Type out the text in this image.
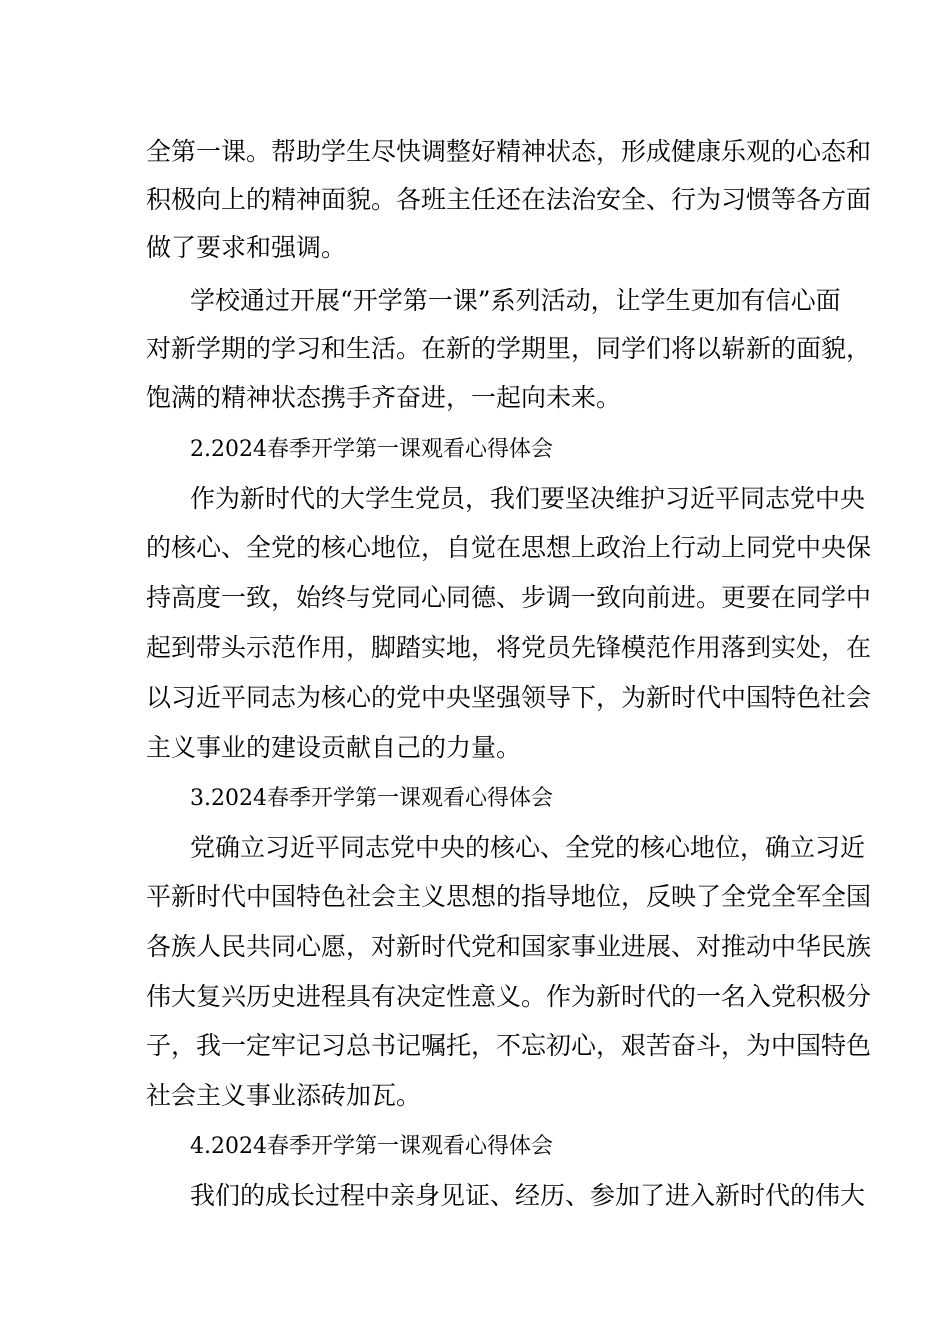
全第一课。帮助学生尽快调整好精神状态，形成健康乐观的心态和
积极向上的精神面貌。各班主任还在法治安全、行为习惯等各方面
做了要求和强调。
学校通过开展“开学第一课”系列活动，让学生更加有信心面
对新学期的学习和生活。在新的学期里，同学们将以崭新的面貌，
饱满的精神状态携手齐奋进，一起向未来。
2.2024春季开学第一课观看心得体会
作为新时代的大学生党员，我们要坚决维护习近平同志党中央
的核心、全党的核心地位，自觉在思想上政治上行动上同党中央保
持高度一致，始终与党同心同德、步调一致向前进。更要在同学中
起到带头示范作用，脚踏实地，将党员先锋模范作用落到实处，在
以习近平同志为核心的党中央坚强领导下，为新时代中国特色社会
主义事业的建设贡献自己的力量。
3.2024春季开学第一课观看心得体会
党确立习近平同志党中央的核心、全党的核心地位，确立习近
平新时代中国特色社会主义思想的指导地位，反映了全党全军全国
各族人民共同心愿，对新时代党和国家事业进展、对推动中华民族
伟大复兴历史进程具有决定性意义。作为新时代的一名入党积极分
子，我一定牢记习总书记嘱托，不忘初心，艰苦奋斗，为中国特色
社会主义事业添砖加瓦。
4.2024春季开学第一课观看心得体会
我们的成长过程中亲身见证、经历、参加了进入新时代的伟大
